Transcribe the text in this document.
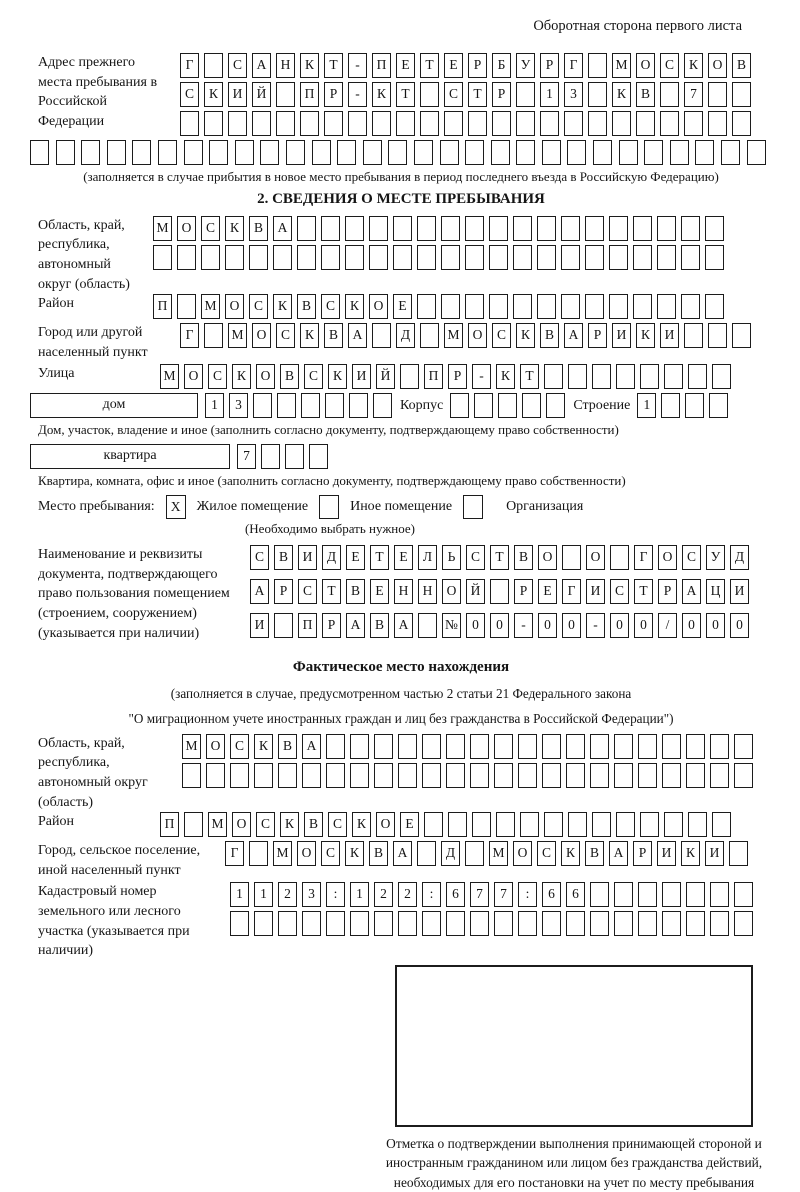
Оборотная сторона первого листа
Адрес прежнего места пребывания в Российской Федерации
Г	С А Н К Т - П Е Т Е Р Б У Р Г	М О С К О В
С К И Й	П Р - К Т	С Т Р	1 3	К В	7
(заполняется в случае прибытия в новое место пребывания в период последнего въезда в Российскую Федерацию)
2. СВЕДЕНИЯ О МЕСТЕ ПРЕБЫВАНИЯ
Область, край, республика, автономный округ (область)
М О С К В А
Район	П	М О С К В С К О Е
Город или другой населенный пункт
Г	М О С К В А	Д	М О С К В А Р И К И
Улица	М О С К О В С К И Й	П Р - К Т
дом	1 3	Корпус	Строение 1
Дом, участок, владение и иное (заполнить согласно документу, подтверждающему право собственности)
квартира	7
Квартира, комната, офис и иное (заполнить согласно документу, подтверждающему право собственности)
Место пребывания:	X	Жилое помещение	Иное помещение	Организация
(Необходимо выбрать нужное)
Наименование и реквизиты документа, подтверждающего право пользования помещением (строением, сооружением) (указывается при наличии)
С В И Д Е Т Е Л Ь С Т В О	О	Г О С У Д
А Р С Т В Е Н Н О Й	Р Е Г И С Т Р А Ц И
И	П Р А В А	№ 0 0 - 0 0 - 0 0 / 0 0 0
Фактическое место нахождения
(заполняется в случае, предусмотренном частью 2 статьи 21 Федерального закона
"О миграционном учете иностранных граждан и лиц без гражданства в Российской Федерации")
Область, край, республика, автономный округ (область)
М О С К В А
Район	П	М О С К В С К О Е
Город, сельское поселение, иной населенный пункт
Г	М О С К В А	Д	М О С К В А Р И К И
Кадастровый номер земельного или лесного участка (указывается при наличии)
1 1 2 3 : 1 2 2 : 6 7 7 : 6 6
Отметка о подтверждении выполнения принимающей стороной и иностранным гражданином или лицом без гражданства действий, необходимых для его постановки на учет по месту пребывания
